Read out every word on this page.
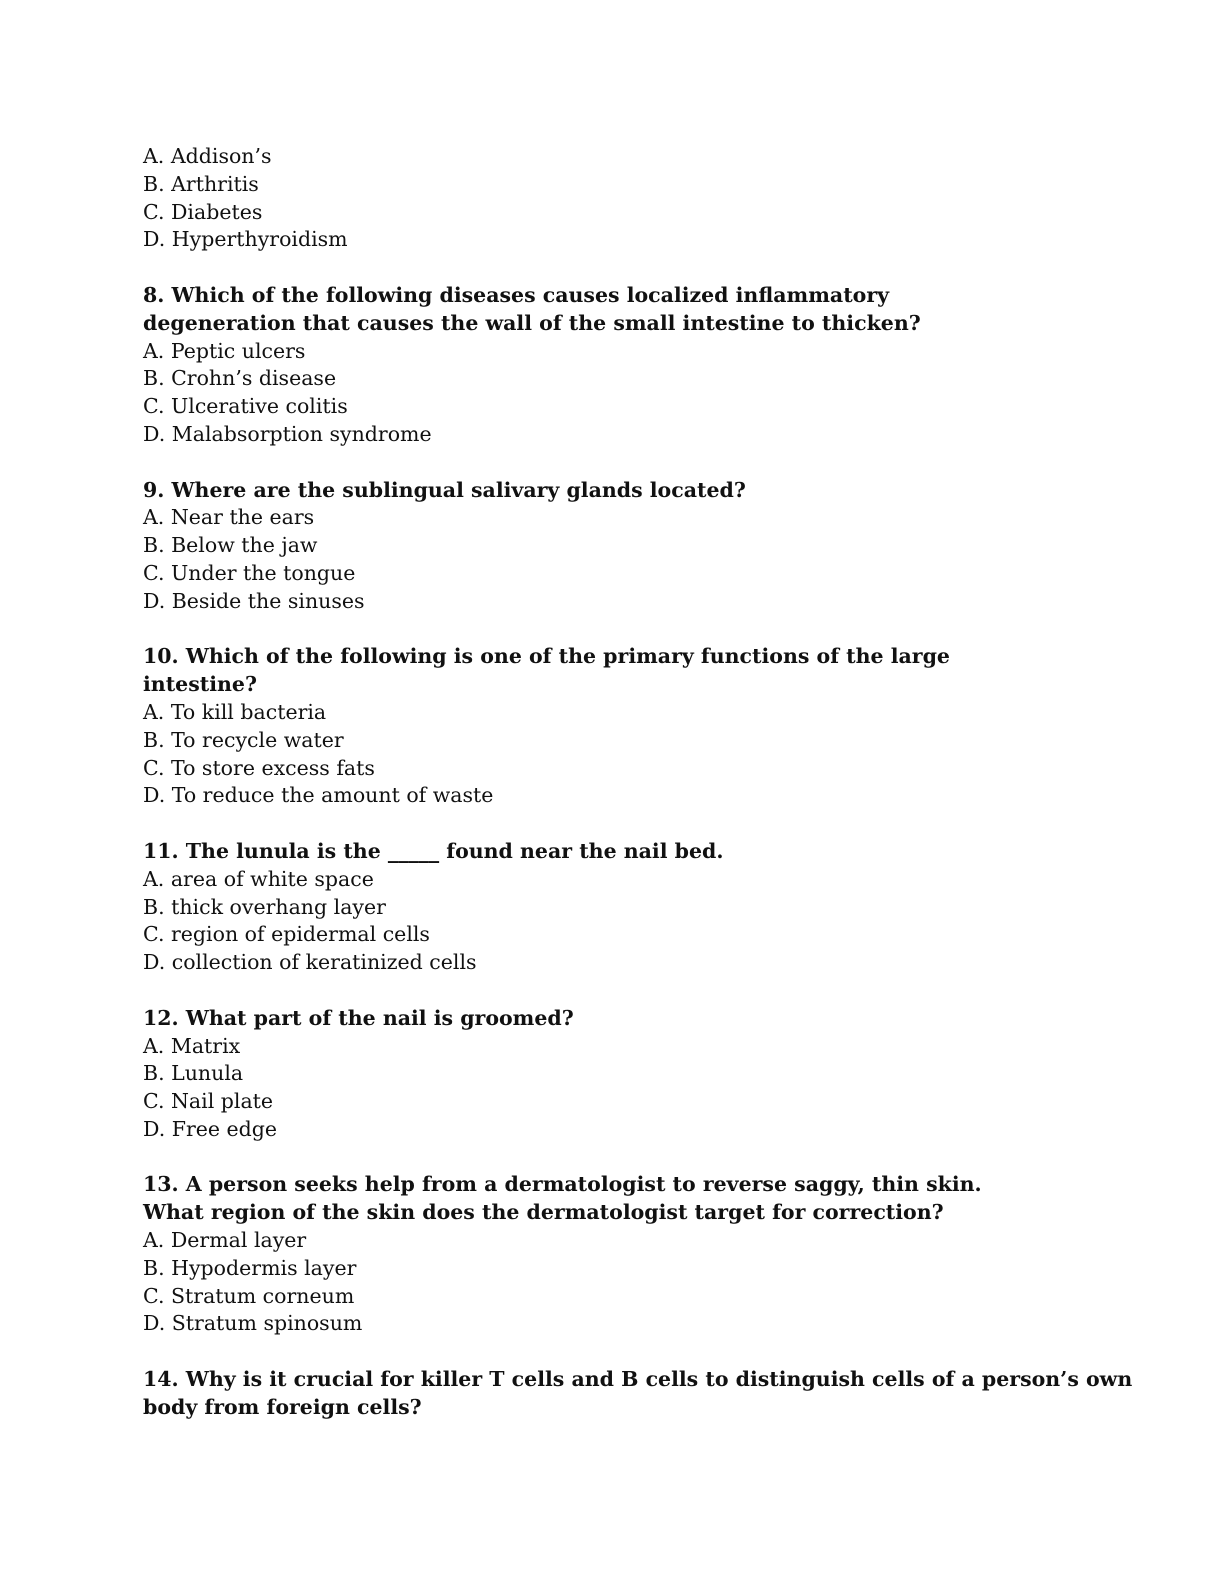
A. Addison’s
B. Arthritis
C. Diabetes
D. Hyperthyroidism
8. Which of the following diseases causes localized inflammatory
degeneration that causes the wall of the small intestine to thicken?
A. Peptic ulcers
B. Crohn’s disease
C. Ulcerative colitis
D. Malabsorption syndrome
9. Where are the sublingual salivary glands located?
A. Near the ears
B. Below the jaw
C. Under the tongue
D. Beside the sinuses
10. Which of the following is one of the primary functions of the large
intestine?
A. To kill bacteria
B. To recycle water
C. To store excess fats
D. To reduce the amount of waste
11. The lunula is the _____ found near the nail bed.
A. area of white space
B. thick overhang layer
C. region of epidermal cells
D. collection of keratinized cells
12. What part of the nail is groomed?
A. Matrix
B. Lunula
C. Nail plate
D. Free edge
13. A person seeks help from a dermatologist to reverse saggy, thin skin.
What region of the skin does the dermatologist target for correction?
A. Dermal layer
B. Hypodermis layer
C. Stratum corneum
D. Stratum spinosum
14. Why is it crucial for killer T cells and B cells to distinguish cells of a person’s own
body from foreign cells?
